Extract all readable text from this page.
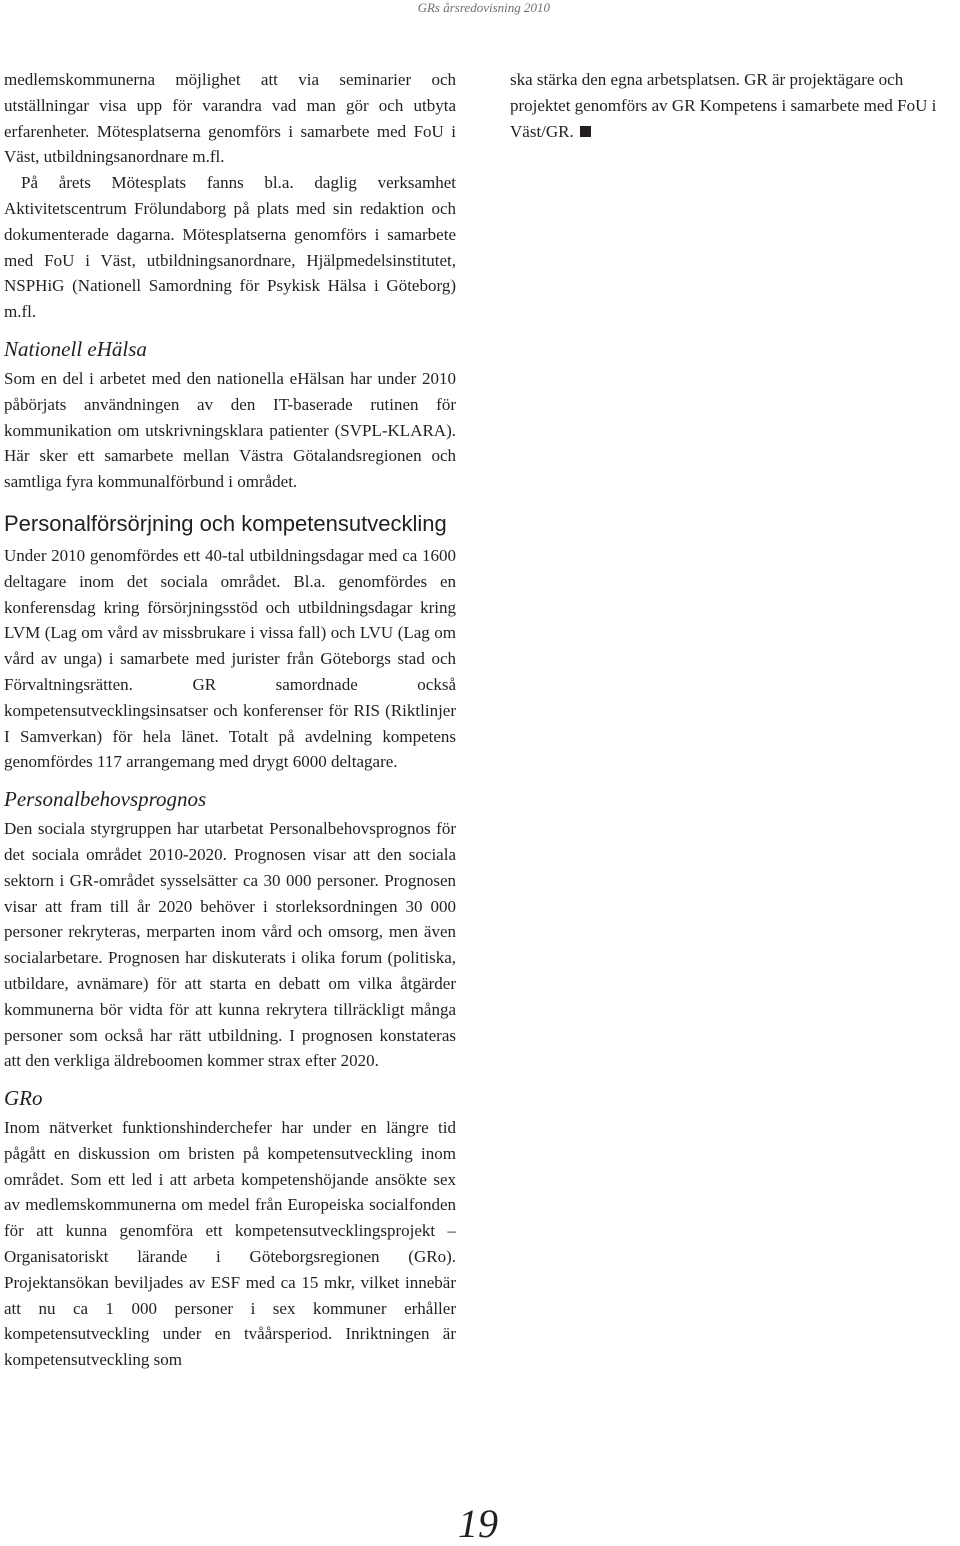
GRs årsredovisning 2010

medlemskommunerna möjlighet att via seminarier och utställningar visa upp för varandra vad man gör och utbyta erfarenheter. Mötesplatserna genomförs i samarbete med FoU i Väst, utbildningsanordnare m.fl.

På årets Mötesplats fanns bl.a. daglig verksamhet Aktivitetscentrum Frölundaborg på plats med sin redaktion och dokumenterade dagarna. Mötesplatserna genomförs i samarbete med FoU i Väst, utbildningsanordnare, Hjälpmedelsinstitutet, NSPHiG (Nationell Samordning för Psykisk Hälsa i Göteborg) m.fl.

Nationell eHälsa

Som en del i arbetet med den nationella eHälsan har under 2010 påbörjats användningen av den IT-baserade rutinen för kommunikation om utskrivningsklara patienter (SVPL-KLARA). Här sker ett samarbete mellan Västra Götalandsregionen och samtliga fyra kommunalförbund i området.

Personalförsörjning och kompetensutveckling

Under 2010 genomfördes ett 40-tal utbildningsdagar med ca 1600 deltagare inom det sociala området. Bl.a. genomfördes en konferensdag kring försörjningsstöd och utbildningsdagar kring LVM (Lag om vård av missbrukare i vissa fall) och LVU (Lag om vård av unga) i samarbete med jurister från Göteborgs stad och Förvaltningsrätten. GR samordnade också kompetensutvecklingsinsatser och konferenser för RIS (Riktlinjer I Samverkan) för hela länet. Totalt på avdelning kompetens genomfördes 117 arrangemang med drygt 6000 deltagare.

Personalbehovsprognos

Den sociala styrgruppen har utarbetat Personalbehovsprognos för det sociala området 2010-2020. Prognosen visar att den sociala sektorn i GR-området sysselsätter ca 30 000 personer. Prognosen visar att fram till år 2020 behöver i storleksordningen 30 000 personer rekryteras, merparten inom vård och omsorg, men även socialarbetare. Prognosen har diskuterats i olika forum (politiska, utbildare, avnämare) för att starta en debatt om vilka åtgärder kommunerna bör vidta för att kunna rekrytera tillräckligt många personer som också har rätt utbildning. I prognosen konstateras att den verkliga äldreboomen kommer strax efter 2020.

GRo

Inom nätverket funktionshinderchefer har under en längre tid pågått en diskussion om bristen på kompetensutveckling inom området. Som ett led i att arbeta kompetenshöjande ansökte sex av medlemskommunerna om medel från Europeiska socialfonden för att kunna genomföra ett kompetensutvecklingsprojekt – Organisatoriskt lärande i Göteborgsregionen (GRo). Projektansökan beviljades av ESF med ca 15 mkr, vilket innebär att nu ca 1 000 personer i sex kommuner erhåller kompetensutveckling under en tvåårsperiod. Inriktningen är kompetensutveckling som

ska stärka den egna arbetsplatsen. GR är projektägare och projektet genomförs av GR Kompetens i samarbete med FoU i Väst/GR.

19
